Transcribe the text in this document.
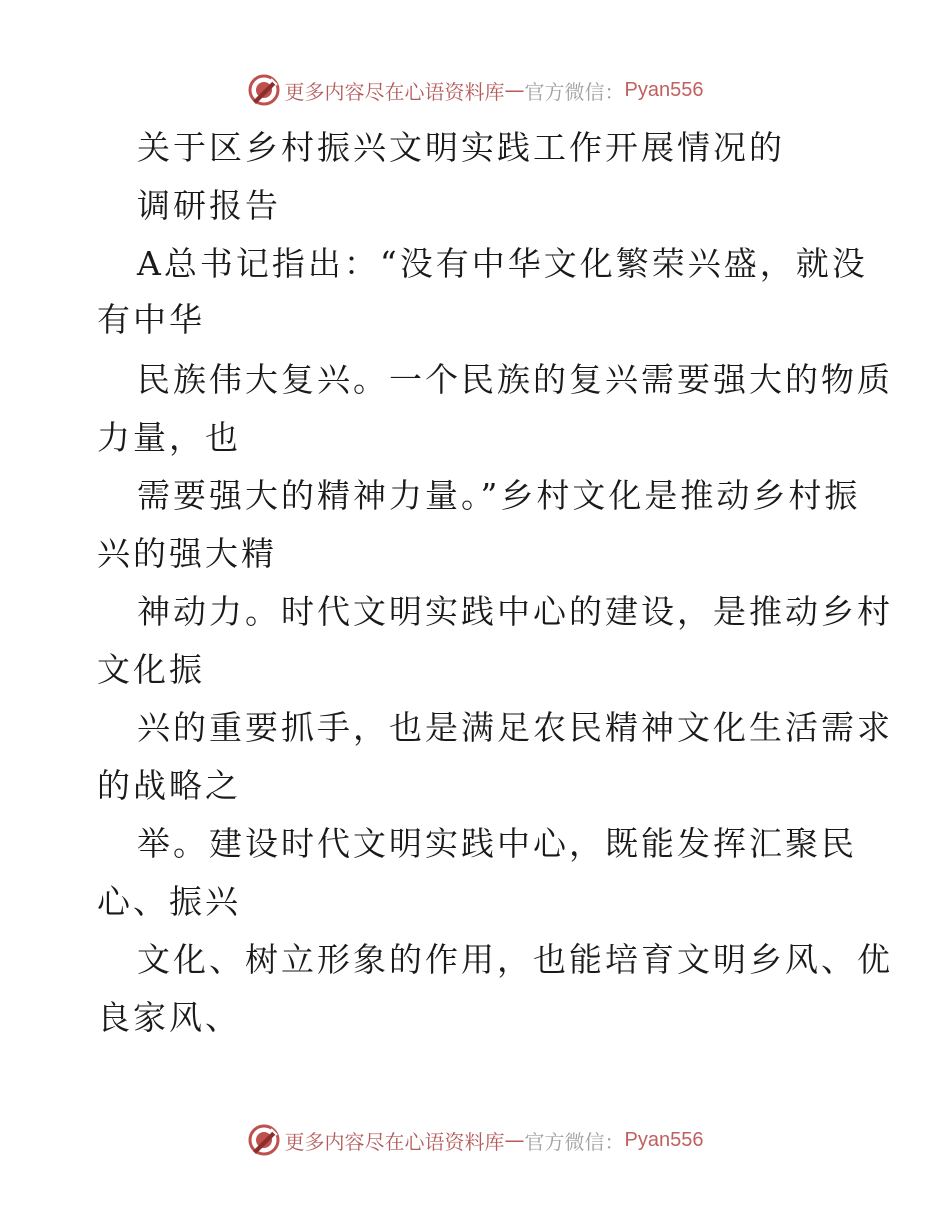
更多内容尽在心语资料库 — 官方微信： Pyan556
关于区乡村振兴文明实践工作开展情况的
调研报告
A总书记指出：“没有中华文化繁荣兴盛，就没
有中华
民族伟大复兴。一个民族的复兴需要强大的物质
力量，也
需要强大的精神力量。”乡村文化是推动乡村振
兴的强大精
神动力。时代文明实践中心的建设，是推动乡村
文化振
兴的重要抓手，也是满足农民精神文化生活需求
的战略之
举。建设时代文明实践中心，既能发挥汇聚民
心、振兴
文化、树立形象的作用，也能培育文明乡风、优
良家风、
更多内容尽在心语资料库 — 官方微信： Pyan556
